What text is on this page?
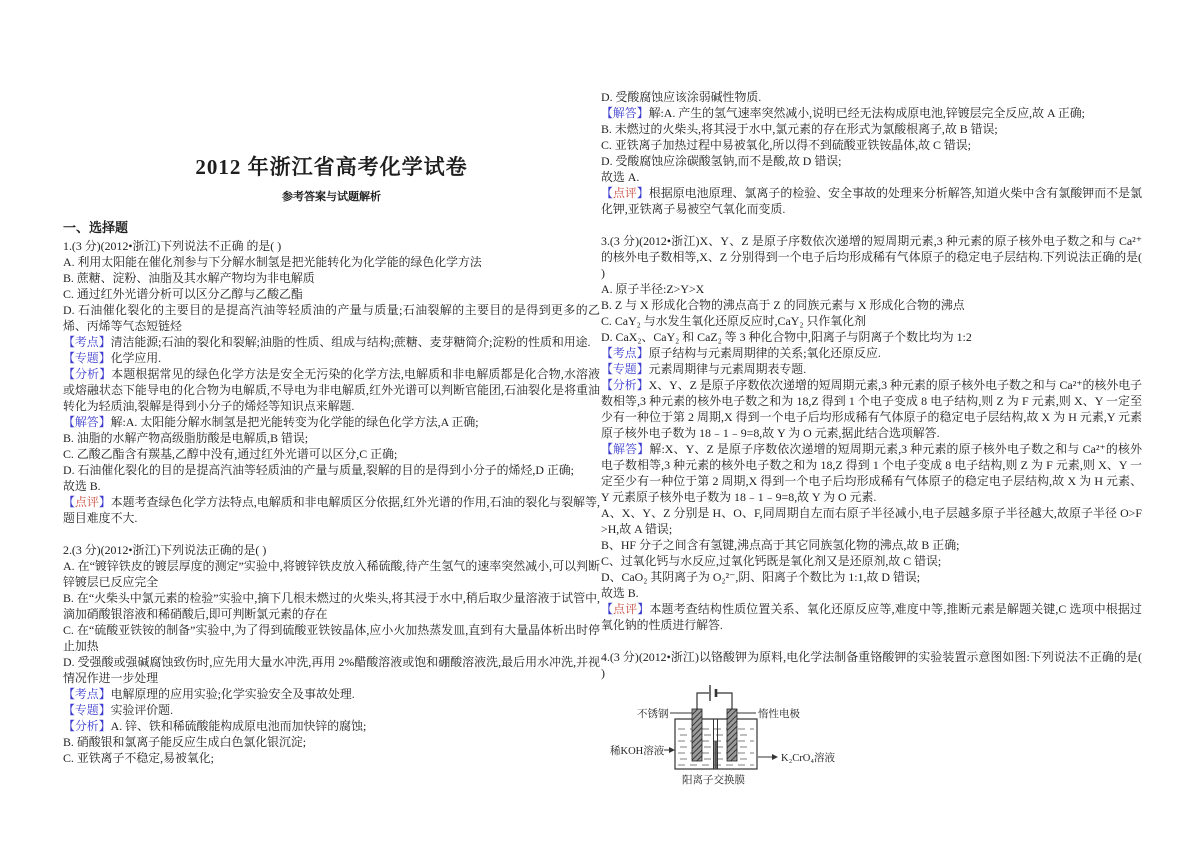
2012 年浙江省高考化学试卷
参考答案与试题解析
一、选择题

1.(3 分)(2012•浙江)下列说法不正确 的是( )

A. 利用太阳能在催化剂参与下分解水制氢是把光能转化为化学能的绿色化学方法

B. 蔗糖、淀粉、油脂及其水解产物均为非电解质

C. 通过红外光谱分析可以区分乙醇与乙酸乙酯

D. 石油催化裂化的主要目的是提高汽油等轻质油的产量与质量;石油裂解的主要目的是得到更多的乙烯、丙烯等气态短链烃

【考点】清洁能源;石油的裂化和裂解;油脂的性质、组成与结构;蔗糖、麦芽糖简介;淀粉的性质和用途.

【专题】化学应用.

【分析】本题根据常见的绿色化学方法是安全无污染的化学方法,电解质和非电解质都是化合物,水溶液或熔融状态下能导电的化合物为电解质,不导电为非电解质,红外光谱可以判断官能团,石油裂化是将重油转化为轻质油,裂解是得到小分子的烯烃等知识点来解题.

【解答】解:A. 太阳能分解水制氢是把光能转变为化学能的绿色化学方法,A 正确;

B. 油脂的水解产物高级脂肪酸是电解质,B 错误;

C. 乙酸乙酯含有羰基,乙醇中没有,通过红外光谱可以区分,C 正确;

D. 石油催化裂化的目的是提高汽油等轻质油的产量与质量,裂解的目的是得到小分子的烯烃,D 正确;

故选 B.

【点评】本题考查绿色化学方法特点,电解质和非电解质区分依据,红外光谱的作用,石油的裂化与裂解等,题目难度不大.

2.(3 分)(2012•浙江)下列说法正确的是( )

A. 在“镀锌铁皮的镀层厚度的测定”实验中,将镀锌铁皮放入稀硫酸,待产生氢气的速率突然减小,可以判断锌镀层已反应完全

B. 在“火柴头中氯元素的检验”实验中,摘下几根未燃过的火柴头,将其浸于水中,稍后取少量溶液于试管中,滴加硝酸银溶液和稀硝酸后,即可判断氯元素的存在

C. 在“硫酸亚铁铵的制备”实验中,为了得到硫酸亚铁铵晶体,应小火加热蒸发皿,直到有大量晶体析出时停止加热

D. 受强酸或强碱腐蚀致伤时,应先用大量水冲洗,再用 2%醋酸溶液或饱和硼酸溶液洗,最后用水冲洗,并视情况作进一步处理

【考点】电解原理的应用实验;化学实验安全及事故处理.

【专题】实验评价题.

【分析】A. 锌、铁和稀硫酸能构成原电池而加快锌的腐蚀;

B. 硝酸银和氯离子能反应生成白色氯化银沉淀;

C. 亚铁离子不稳定,易被氧化;

D. 受酸腐蚀应该涂弱碱性物质.

【解答】解:A. 产生的氢气速率突然减小,说明已经无法构成原电池,锌镀层完全反应,故 A 正确;

B. 未燃过的火柴头,将其浸于水中,氯元素的存在形式为氯酸根离子,故 B 错误;

C. 亚铁离子加热过程中易被氧化,所以得不到硫酸亚铁铵晶体,故 C 错误;

D. 受酸腐蚀应涂碳酸氢钠,而不是酸,故 D 错误;

故选 A.

【点评】根据原电池原理、氯离子的检验、安全事故的处理来分析解答,知道火柴中含有氯酸钾而不是氯化钾,亚铁离子易被空气氧化而变质.

3.(3 分)(2012•浙江)X、Y、Z 是原子序数依次递增的短周期元素,3 种元素的原子核外电子数之和与 Ca²⁺的核外电子数相等,X、Z 分别得到一个电子后均形成稀有气体原子的稳定电子层结构.下列说法正确的是( )

A. 原子半径:Z>Y>X

B. Z 与 X 形成化合物的沸点高于 Z 的同族元素与 X 形成化合物的沸点

C. CaY₂ 与水发生氧化还原反应时,CaY₂ 只作氧化剂

D. CaX₂、CaY₂ 和 CaZ₂ 等 3 种化合物中,阳离子与阴离子个数比均为 1:2

【考点】原子结构与元素周期律的关系;氧化还原反应.

【专题】元素周期律与元素周期表专题.

【分析】X、Y、Z 是原子序数依次递增的短周期元素,3 种元素的原子核外电子数之和与 Ca²⁺的核外电子数相等,3 种元素的核外电子数之和为 18,Z 得到 1 个电子变成 8 电子结构,则 Z 为 F 元素,则 X、Y 一定至少有一种位于第 2 周期,X 得到一个电子后均形成稀有气体原子的稳定电子层结构,故 X 为 H 元素,Y 元素原子核外电子数为 18﹣1﹣9=8,故 Y 为 O 元素,据此结合选项解答.

【解答】解:X、Y、Z 是原子序数依次递增的短周期元素,3 种元素的原子核外电子数之和与 Ca²⁺的核外电子数相等,3 种元素的核外电子数之和为 18,Z 得到 1 个电子变成 8 电子结构,则 Z 为 F 元素,则 X、Y 一定至少有一种位于第 2 周期,X 得到一个电子后均形成稀有气体原子的稳定电子层结构,故 X 为 H 元素、Y 元素原子核外电子数为 18﹣1﹣9=8,故 Y 为 O 元素.

A、X、Y、Z 分别是 H、O、F,同周期自左而右原子半径减小,电子层越多原子半径越大,故原子半径 O>F>H,故 A 错误;

B、HF 分子之间含有氢键,沸点高于其它同族氢化物的沸点,故 B 正确;

C、过氧化钙与水反应,过氧化钙既是氧化剂又是还原剂,故 C 错误;

D、CaO₂ 其阴离子为 O₂²⁻,阴、阳离子个数比为 1:1,故 D 错误;

故选 B.

【点评】本题考查结构性质位置关系、氧化还原反应等,难度中等,推断元素是解题关键,C 选项中根据过氧化钠的性质进行解答.

4.(3 分)(2012•浙江)以铬酸钾为原料,电化学法制备重铬酸钾的实验装置示意图如图:下列说法不正确的是( )

不锈钢	惰性电极
稀KOH溶液
K₂CrO₄溶液
阳离子交换膜
